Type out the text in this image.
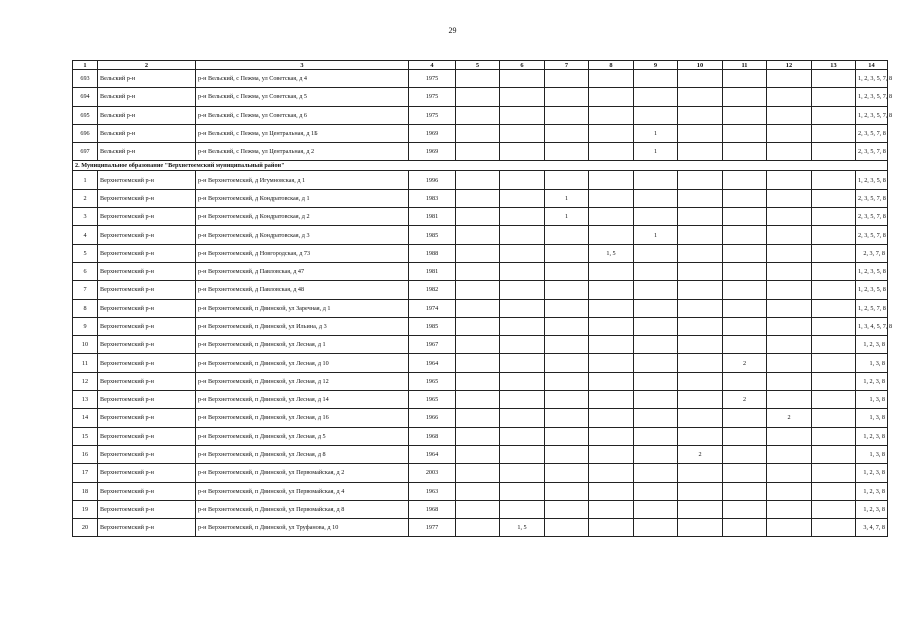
29
1	2	3	4	5	6	7	8	9	10	11	12	13	14
693	Вельский р-н	р-н Вельский, с Пежма, ул Советская, д 4	1975										1, 2, 3, 5, 7, 8
694	Вельский р-н	р-н Вельский, с Пежма, ул Советская, д 5	1975										1, 2, 3, 5, 7, 8
695	Вельский р-н	р-н Вельский, с Пежма, ул Советская, д 6	1975										1, 2, 3, 5, 7, 8
696	Вельский р-н	р-н Вельский, с Пежма, ул Центральная, д 1Б	1969					1					2, 3, 5, 7, 8
697	Вельский р-н	р-н Вельский, с Пежма, ул Центральная, д 2	1969					1					2, 3, 5, 7, 8
2. Муниципальное образование "Верхнетоемский муниципальный район"													
1	Верхнетоемский р-н	р-н Верхнетоемский, д Игумновская, д 1	1996										1, 2, 3, 5, 8
2	Верхнетоемский р-н	р-н Верхнетоемский, д Кондратовская, д 1	1983			1							2, 3, 5, 7, 8
3	Верхнетоемский р-н	р-н Верхнетоемский, д Кондратовская, д 2	1981			1							2, 3, 5, 7, 8
4	Верхнетоемский р-н	р-н Верхнетоемский, д Кондратовская, д 3	1985					1					2, 3, 5, 7, 8
5	Верхнетоемский р-н	р-н Верхнетоемский, д Новгородская, д 73	1988				1, 5						2, 3, 7, 8
6	Верхнетоемский р-н	р-н Верхнетоемский, д Павловская, д 47	1981										1, 2, 3, 5, 8
7	Верхнетоемский р-н	р-н Верхнетоемский, д Павловская, д 48	1982										1, 2, 3, 5, 8
8	Верхнетоемский р-н	р-н Верхнетоемский, п Двинской, ул Заречная, д 1	1974										1, 2, 5, 7, 8
9	Верхнетоемский р-н	р-н Верхнетоемский, п Двинской, ул Ильина, д 3	1985										1, 3, 4, 5, 7, 8
10	Верхнетоемский р-н	р-н Верхнетоемский, п Двинской, ул Лесная, д 1	1967										1, 2, 3, 8
11	Верхнетоемский р-н	р-н Верхнетоемский, п Двинской, ул Лесная, д 10	1964							2			1, 3, 8
12	Верхнетоемский р-н	р-н Верхнетоемский, п Двинской, ул Лесная, д 12	1965										1, 2, 3, 8
13	Верхнетоемский р-н	р-н Верхнетоемский, п Двинской, ул Лесная, д 14	1965							2			1, 3, 8
14	Верхнетоемский р-н	р-н Верхнетоемский, п Двинской, ул Лесная, д 16	1966								2		1, 3, 8
15	Верхнетоемский р-н	р-н Верхнетоемский, п Двинской, ул Лесная, д 5	1968										1, 2, 3, 8
16	Верхнетоемский р-н	р-н Верхнетоемский, п Двинской, ул Лесная, д 8	1964						2				1, 3, 8
17	Верхнетоемский р-н	р-н Верхнетоемский, п Двинской, ул Первомайская, д 2	2003										1, 2, 3, 8
18	Верхнетоемский р-н	р-н Верхнетоемский, п Двинской, ул Первомайская, д 4	1963										1, 2, 3, 8
19	Верхнетоемский р-н	р-н Верхнетоемский, п Двинской, ул Первомайская, д 8	1968										1, 2, 3, 8
20	Верхнетоемский р-н	р-н Верхнетоемский, п Двинской, ул Труфанова, д 10	1977		1, 5								3, 4, 7, 8
